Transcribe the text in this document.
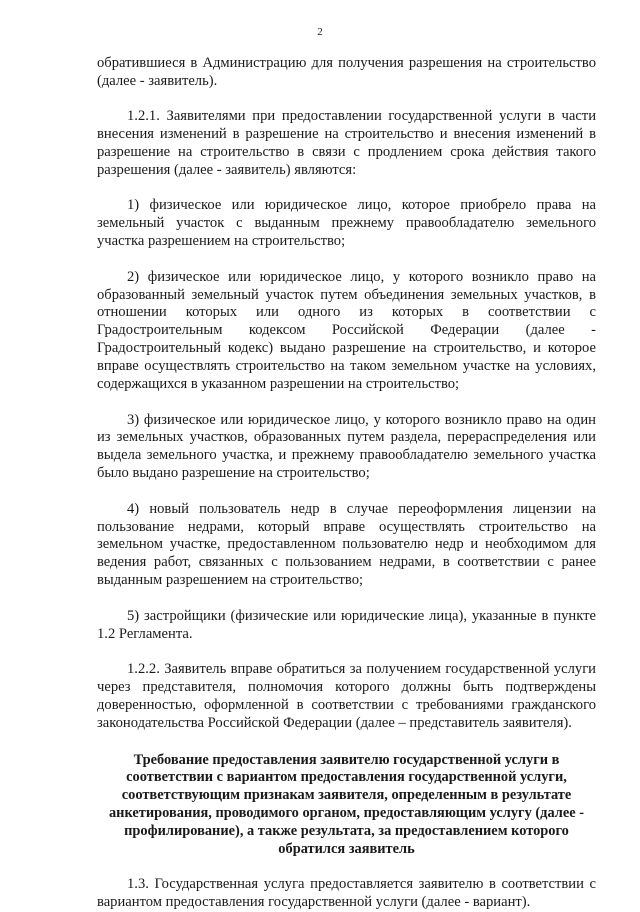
2

обратившиеся в Администрацию для получения разрешения на строительство (далее - заявитель).

1.2.1. Заявителями при предоставлении государственной услуги в части внесения изменений в разрешение на строительство и внесения изменений в разрешение на строительство в связи с продлением срока действия такого разрешения (далее - заявитель) являются:

1) физическое или юридическое лицо, которое приобрело права на земельный участок с выданным прежнему правообладателю земельного участка разрешением на строительство;

2) физическое или юридическое лицо, у которого возникло право на образованный земельный участок путем объединения земельных участков, в отношении которых или одного из которых в соответствии с Градостроительным кодексом Российской Федерации (далее - Градостроительный кодекс) выдано разрешение на строительство, и которое вправе осуществлять строительство на таком земельном участке на условиях, содержащихся в указанном разрешении на строительство;

3) физическое или юридическое лицо, у которого возникло право на один из земельных участков, образованных путем раздела, перераспределения или выдела земельного участка, и прежнему правообладателю земельного участка было выдано разрешение на строительство;

4) новый пользователь недр в случае переоформления лицензии на пользование недрами, который вправе осуществлять строительство на земельном участке, предоставленном пользователю недр и необходимом для ведения работ, связанных с пользованием недрами, в соответствии с ранее выданным разрешением на строительство;

5) застройщики (физические или юридические лица), указанные в пункте 1.2 Регламента.

1.2.2. Заявитель вправе обратиться за получением государственной услуги через представителя, полномочия которого должны быть подтверждены доверенностью, оформленной в соответствии с требованиями гражданского законодательства Российской Федерации (далее – представитель заявителя).

Требование предоставления заявителю государственной услуги в соответствии с вариантом предоставления государственной услуги, соответствующим признакам заявителя, определенным в результате анкетирования, проводимого органом, предоставляющим услугу (далее - профилирование), а также результата, за предоставлением которого обратился заявитель

1.3. Государственная услуга предоставляется заявителю в соответствии с вариантом предоставления государственной услуги (далее - вариант).
